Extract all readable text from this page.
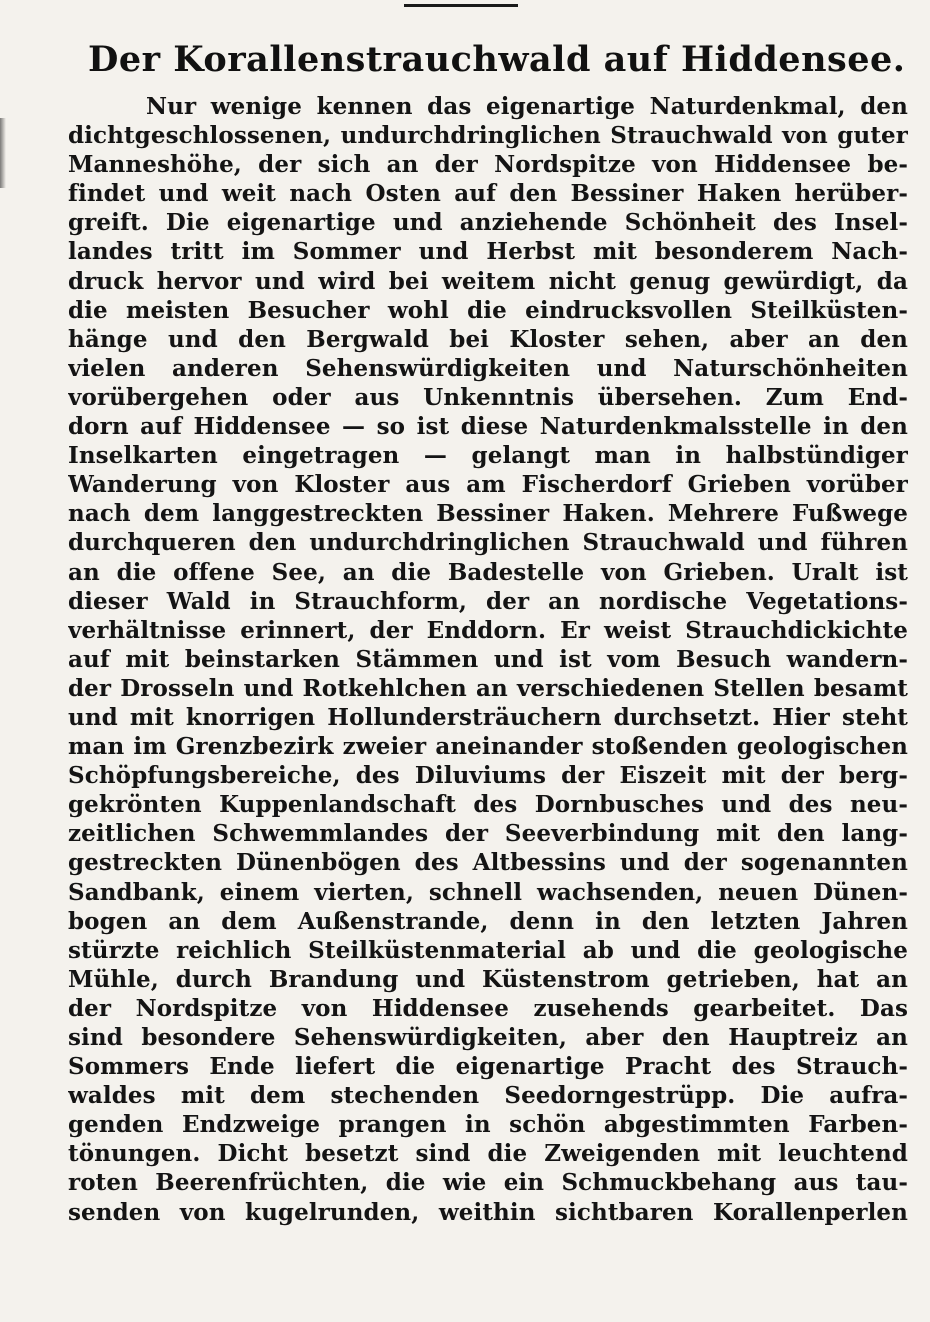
Der Korallenstrauchwald auf Hiddensee.
Nur wenige kennen das eigenartige Naturdenkmal, den
dichtgeschlossenen, undurchdringlichen Strauchwald von guter
Manneshöhe, der sich an der Nordspitze von Hiddensee be-
findet und weit nach Osten auf den Bessiner Haken herüber-
greift. Die eigenartige und anziehende Schönheit des Insel-
landes tritt im Sommer und Herbst mit besonderem Nach-
druck hervor und wird bei weitem nicht genug gewürdigt, da
die meisten Besucher wohl die eindrucksvollen Steilküsten-
hänge und den Bergwald bei Kloster sehen, aber an den
vielen anderen Sehenswürdigkeiten und Naturschönheiten
vorübergehen oder aus Unkenntnis übersehen. Zum End-
dorn auf Hiddensee — so ist diese Naturdenkmalsstelle in den
Inselkarten eingetragen — gelangt man in halbstündiger
Wanderung von Kloster aus am Fischerdorf Grieben vorüber
nach dem langgestreckten Bessiner Haken. Mehrere Fußwege
durchqueren den undurchdringlichen Strauchwald und führen
an die offene See, an die Badestelle von Grieben. Uralt ist
dieser Wald in Strauchform, der an nordische Vegetations-
verhältnisse erinnert, der Enddorn. Er weist Strauchdickichte
auf mit beinstarken Stämmen und ist vom Besuch wandern-
der Drosseln und Rotkehlchen an verschiedenen Stellen besamt
und mit knorrigen Hollundersträuchern durchsetzt. Hier steht
man im Grenzbezirk zweier aneinander stoßenden geologischen
Schöpfungsbereiche, des Diluviums der Eiszeit mit der berg-
gekrönten Kuppenlandschaft des Dornbusches und des neu-
zeitlichen Schwemmlandes der Seeverbindung mit den lang-
gestreckten Dünenbögen des Altbessins und der sogenannten
Sandbank, einem vierten, schnell wachsenden, neuen Dünen-
bogen an dem Außenstrande, denn in den letzten Jahren
stürzte reichlich Steilküstenmaterial ab und die geologische
Mühle, durch Brandung und Küstenstrom getrieben, hat an
der Nordspitze von Hiddensee zusehends gearbeitet. Das
sind besondere Sehenswürdigkeiten, aber den Hauptreiz an
Sommers Ende liefert die eigenartige Pracht des Strauch-
waldes mit dem stechenden Seedorngestrüpp. Die aufra-
genden Endzweige prangen in schön abgestimmten Farben-
tönungen. Dicht besetzt sind die Zweigenden mit leuchtend
roten Beerenfrüchten, die wie ein Schmuckbehang aus tau-
senden von kugelrunden, weithin sichtbaren Korallenperlen
